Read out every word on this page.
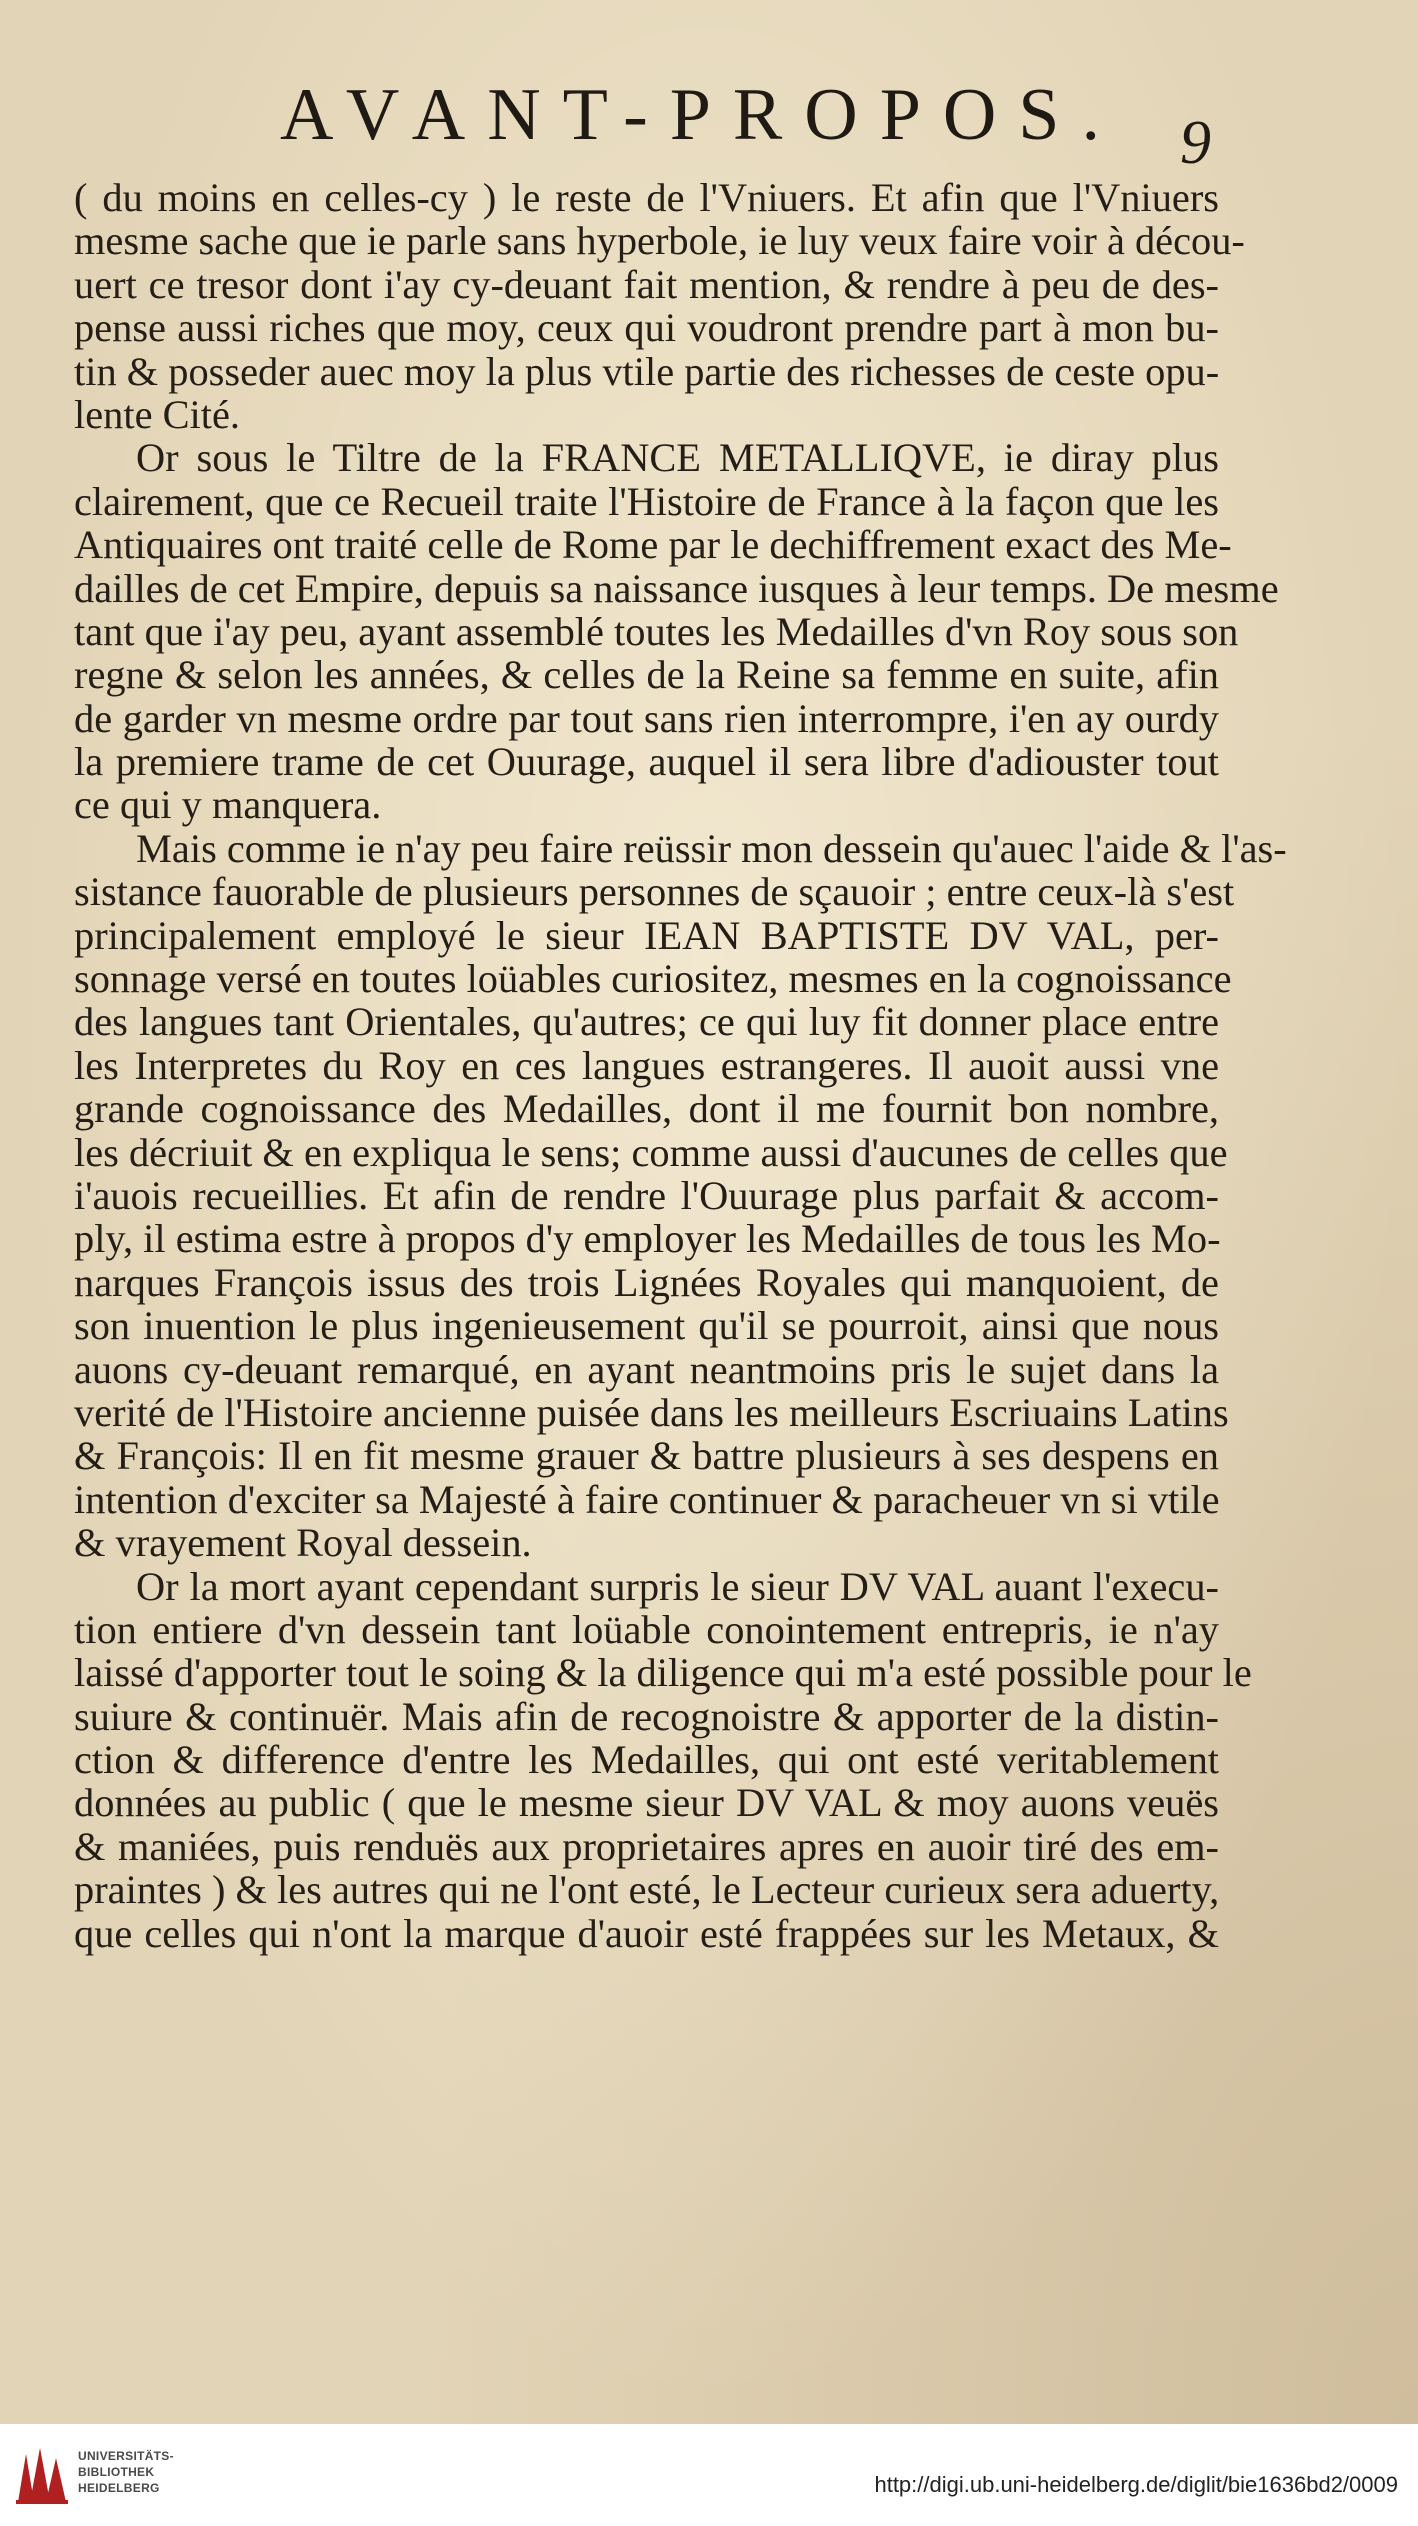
AVANT-PROPOS. 9
( du moins en celles-cy ) le reste de l'Vniuers. Et afin que l'Vniuers
mesme sache que ie parle sans hyperbole, ie luy veux faire voir à décou-
uert ce tresor dont i'ay cy-deuant fait mention, & rendre à peu de des-
pense aussi riches que moy, ceux qui voudront prendre part à mon bu-
tin & posseder auec moy la plus vtile partie des richesses de ceste opu-
lente Cité.
Or sous le Tiltre de la FRANCE METALLIQVE, ie diray plus
clairement, que ce Recueil traite l'Histoire de France à la façon que les
Antiquaires ont traité celle de Rome par le dechiffrement exact des Me-
dailles de cet Empire, depuis sa naissance iusques à leur temps. De mesme
tant que i'ay peu, ayant assemblé toutes les Medailles d'vn Roy sous son
regne & selon les années, & celles de la Reine sa femme en suite, afin
de garder vn mesme ordre par tout sans rien interrompre, i'en ay ourdy
la premiere trame de cet Ouurage, auquel il sera libre d'adiouster tout
ce qui y manquera.
Mais comme ie n'ay peu faire reüssir mon dessein qu'auec l'aide & l'as-
sistance fauorable de plusieurs personnes de sçauoir ; entre ceux-là s'est
principalement employé le sieur IEAN BAPTISTE DV VAL, per-
sonnage versé en toutes loüables curiositez, mesmes en la cognoissance
des langues tant Orientales, qu'autres; ce qui luy fit donner place entre
les Interpretes du Roy en ces langues estrangeres. Il auoit aussi vne
grande cognoissance des Medailles, dont il me fournit bon nombre,
les décriuit & en expliqua le sens; comme aussi d'aucunes de celles que
i'auois recueillies. Et afin de rendre l'Ouurage plus parfait & accom-
ply, il estima estre à propos d'y employer les Medailles de tous les Mo-
narques François issus des trois Lignées Royales qui manquoient, de
son inuention le plus ingenieusement qu'il se pourroit, ainsi que nous
auons cy-deuant remarqué, en ayant neantmoins pris le sujet dans la
verité de l'Histoire ancienne puisée dans les meilleurs Escriuains Latins
& François: Il en fit mesme grauer & battre plusieurs à ses despens en
intention d'exciter sa Majesté à faire continuer & paracheuer vn si vtile
& vrayement Royal dessein.
Or la mort ayant cependant surpris le sieur DV VAL auant l'execu-
tion entiere d'vn dessein tant loüable conointement entrepris, ie n'ay
laissé d'apporter tout le soing & la diligence qui m'a esté possible pour le
suiure & continuër. Mais afin de recognoistre & apporter de la distin-
ction & difference d'entre les Medailles, qui ont esté veritablement
données au public ( que le mesme sieur DV VAL & moy auons veuës
& maniées, puis renduës aux proprietaires apres en auoir tiré des em-
praintes ) & les autres qui ne l'ont esté, le Lecteur curieux sera aduerty,
que celles qui n'ont la marque d'auoir esté frappées sur les Metaux, &
UNIVERSITÄTS-
BIBLIOTHEK
HEIDELBERG	http://digi.ub.uni-heidelberg.de/diglit/bie1636bd2/0009
